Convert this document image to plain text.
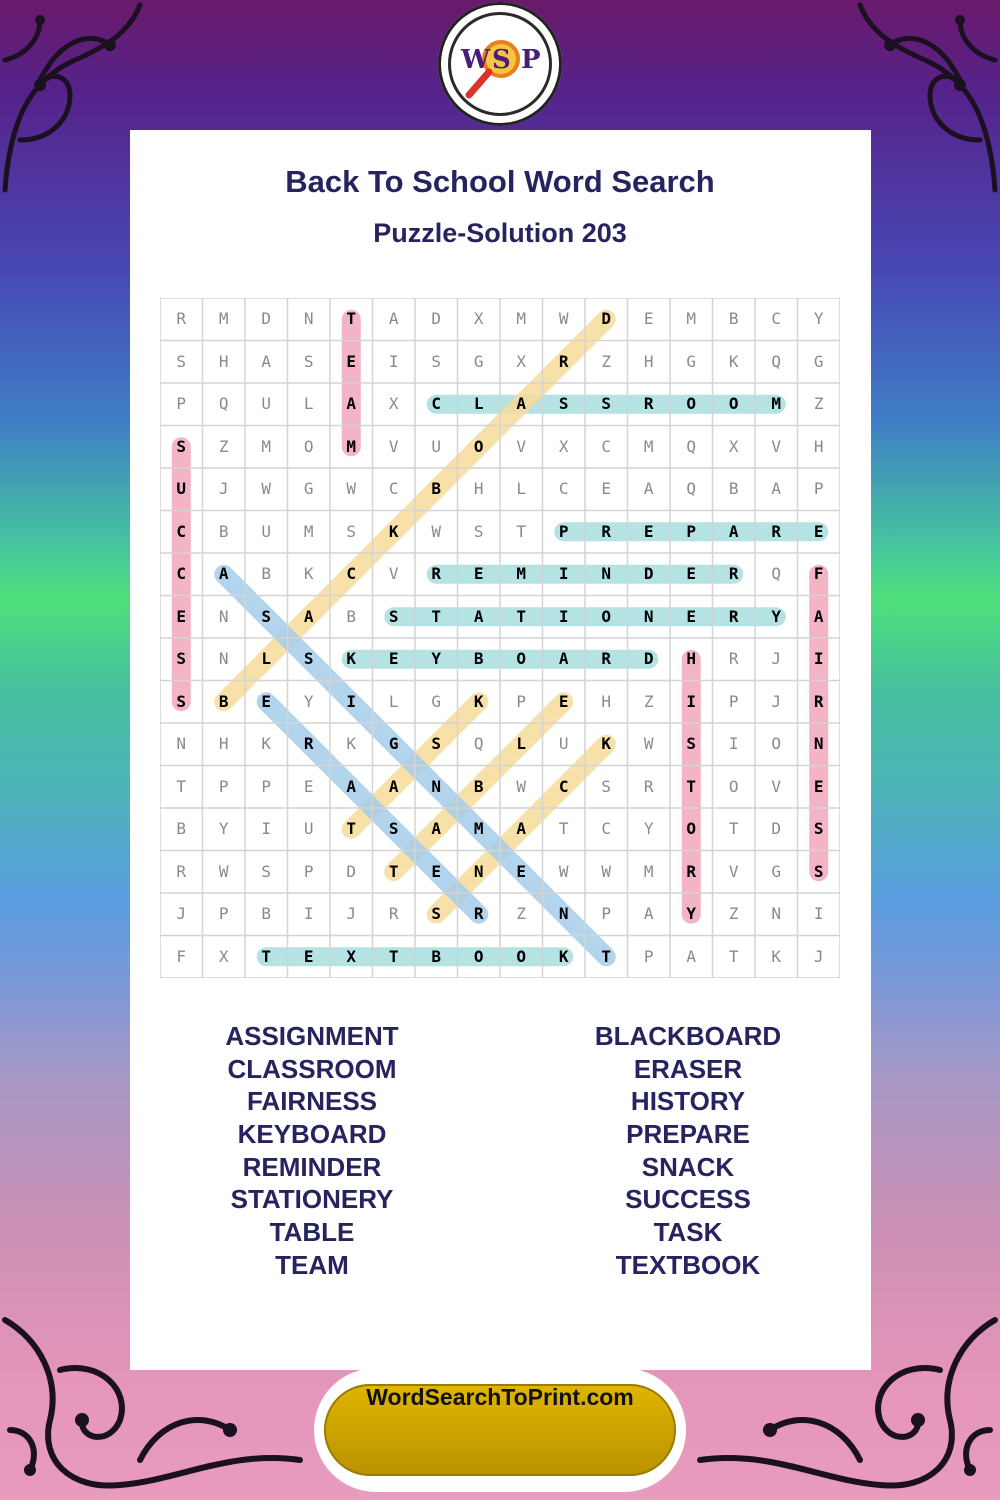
W S P
Back To School Word Search
Puzzle-Solution 203
R	M	D	N	T	A	D	X	M	W	D	E	M	B	C	Y
S	H	A	S	E	I	S	G	X	R	Z	H	G	K	Q	G
P	Q	U	L	A	X	C	L	A	S	S	R	O	O	M	Z
S	Z	M	O	M	V	U	O	V	X	C	M	Q	X	V	H
U	J	W	G	W	C	B	H	L	C	E	A	Q	B	A	P
C	B	U	M	S	K	W	S	T	P	R	E	P	A	R	E
C	A	B	K	C	V	R	E	M	I	N	D	E	R	Q	F
E	N	S	A	B	S	T	A	T	I	O	N	E	R	Y	A
S	N	L	S	K	E	Y	B	O	A	R	D	H	R	J	I
S	B	E	Y	I	L	G	K	P	E	H	Z	I	P	J	R
N	H	K	R	K	G	S	Q	L	U	K	W	S	I	O	N
T	P	P	E	A	A	N	B	W	C	S	R	T	O	V	E
B	Y	I	U	T	S	A	M	A	T	C	Y	O	T	D	S
R	W	S	P	D	T	E	N	E	W	W	M	R	V	G	S
J	P	B	I	J	R	S	R	Z	N	P	A	Y	Z	N	I
F	X	T	E	X	T	B	O	O	K	T	P	A	T	K	J
ASSIGNMENT
CLASSROOM
FAIRNESS
KEYBOARD
REMINDER
STATIONERY
TABLE
TEAM
BLACKBOARD
ERASER
HISTORY
PREPARE
SNACK
SUCCESS
TASK
TEXTBOOK
WordSearchToPrint.com
